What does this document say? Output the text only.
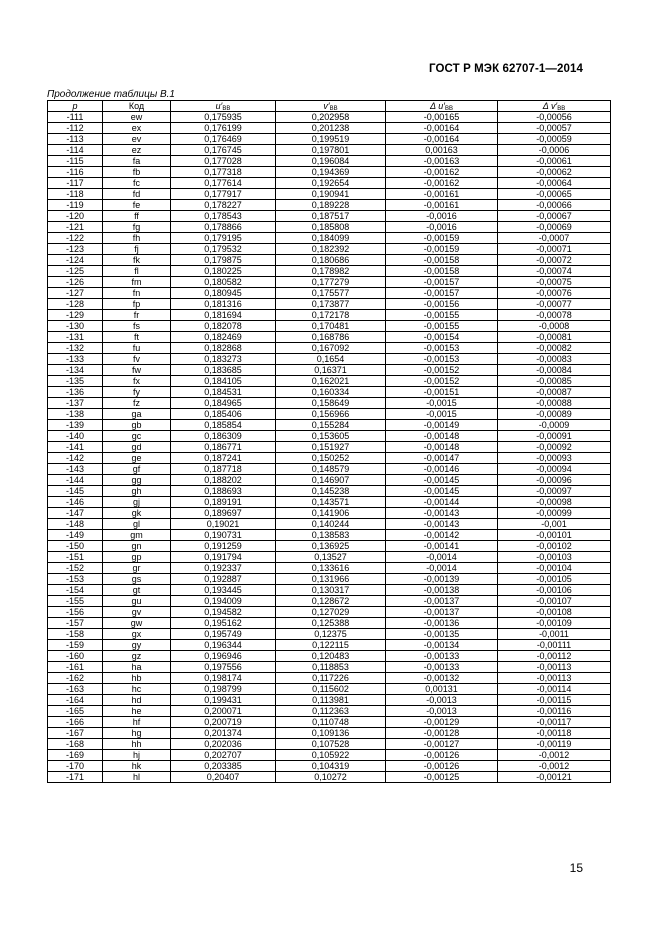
ГОСТ Р МЭК 62707-1—2014
Продолжение таблицы В.1
p	Код	$u'_{BB}$	$v'_{BB}$	Δ $u'_{BB}$	Δ $v'_{BB}$
-111	ew	0,175935	0,202958	-0,00165	-0,00056
-112	ex	0,176199	0,201238	-0,00164	-0,00057
-113	ev	0,176469	0,199519	-0,00164	-0,00059
-114	ez	0,176745	0,197801	0,00163	-0,0006
-115	fa	0,177028	0,196084	-0,00163	-0,00061
-116	fb	0,177318	0,194369	-0,00162	-0,00062
-117	fc	0,177614	0,192654	-0,00162	-0,00064
-118	fd	0,177917	0,190941	-0,00161	-0,00065
-119	fe	0,178227	0,189228	-0,00161	-0,00066
-120	ff	0,178543	0,187517	-0,0016	-0,00067
-121	fg	0,178866	0,185808	-0,0016	-0,00069
-122	fh	0,179195	0,184099	-0,00159	-0,0007
-123	fj	0,179532	0,182392	-0,00159	-0,00071
-124	fk	0,179875	0,180686	-0,00158	-0,00072
-125	fl	0,180225	0,178982	-0,00158	-0,00074
-126	fm	0,180582	0,177279	-0,00157	-0,00075
-127	fn	0,180945	0,175577	-0,00157	-0,00076
-128	fp	0,181316	0,173877	-0,00156	-0,00077
-129	fr	0,181694	0,172178	-0,00155	-0,00078
-130	fs	0,182078	0,170481	-0,00155	-0,0008
-131	ft	0,182469	0,168786	-0,00154	-0,00081
-132	fu	0,182868	0,167092	-0,00153	-0,00082
-133	fv	0,183273	0,1654	-0,00153	-0,00083
-134	fw	0,183685	0,16371	-0,00152	-0,00084
-135	fx	0,184105	0,162021	-0,00152	-0,00085
-136	fy	0,184531	0,160334	-0,00151	-0,00087
-137	fz	0,184965	0,158649	-0,0015	-0,00088
-138	ga	0,185406	0,156966	-0,0015	-0,00089
-139	gb	0,185854	0,155284	-0,00149	-0,0009
-140	gc	0,186309	0,153605	-0,00148	-0,00091
-141	gd	0,186771	0,151927	-0,00148	-0,00092
-142	ge	0,187241	0,150252	-0,00147	-0,00093
-143	gf	0,187718	0,148579	-0,00146	-0,00094
-144	gg	0,188202	0,146907	-0,00145	-0,00096
-145	gh	0,188693	0,145238	-0,00145	-0,00097
-146	gj	0,189191	0,143571	-0,00144	-0,00098
-147	gk	0,189697	0,141906	-0,00143	-0,00099
-148	gl	0,19021	0,140244	-0,00143	-0,001
-149	gm	0,190731	0,138583	-0,00142	-0,00101
-150	gn	0,191259	0,136925	-0,00141	-0,00102
-151	gp	0,191794	0,13527	-0,0014	-0,00103
-152	gr	0,192337	0,133616	-0,0014	-0,00104
-153	gs	0,192887	0,131966	-0,00139	-0,00105
-154	gt	0,193445	0,130317	-0,00138	-0,00106
-155	gu	0,194009	0,128672	-0,00137	-0,00107
-156	gv	0,194582	0,127029	-0,00137	-0,00108
-157	gw	0,195162	0,125388	-0,00136	-0,00109
-158	gx	0,195749	0,12375	-0,00135	-0,0011
-159	gy	0,196344	0,122115	-0,00134	-0,00111
-160	gz	0,196946	0,120483	-0,00133	-0,00112
-161	ha	0,197556	0,118853	-0,00133	-0,00113
-162	hb	0,198174	0,117226	-0,00132	-0,00113
-163	hc	0,198799	0,115602	0,00131	-0,00114
-164	hd	0,199431	0,113981	-0,0013	-0,00115
-165	he	0,200071	0,112363	-0,0013	-0,00116
-166	hf	0,200719	0,110748	-0,00129	-0,00117
-167	hg	0,201374	0,109136	-0,00128	-0,00118
-168	hh	0,202036	0,107528	-0,00127	-0,00119
-169	hj	0,202707	0,105922	-0,00126	-0,0012
-170	hk	0,203385	0,104319	-0,00126	-0,0012
-171	hl	0,20407	0,10272	-0,00125	-0,00121
15
